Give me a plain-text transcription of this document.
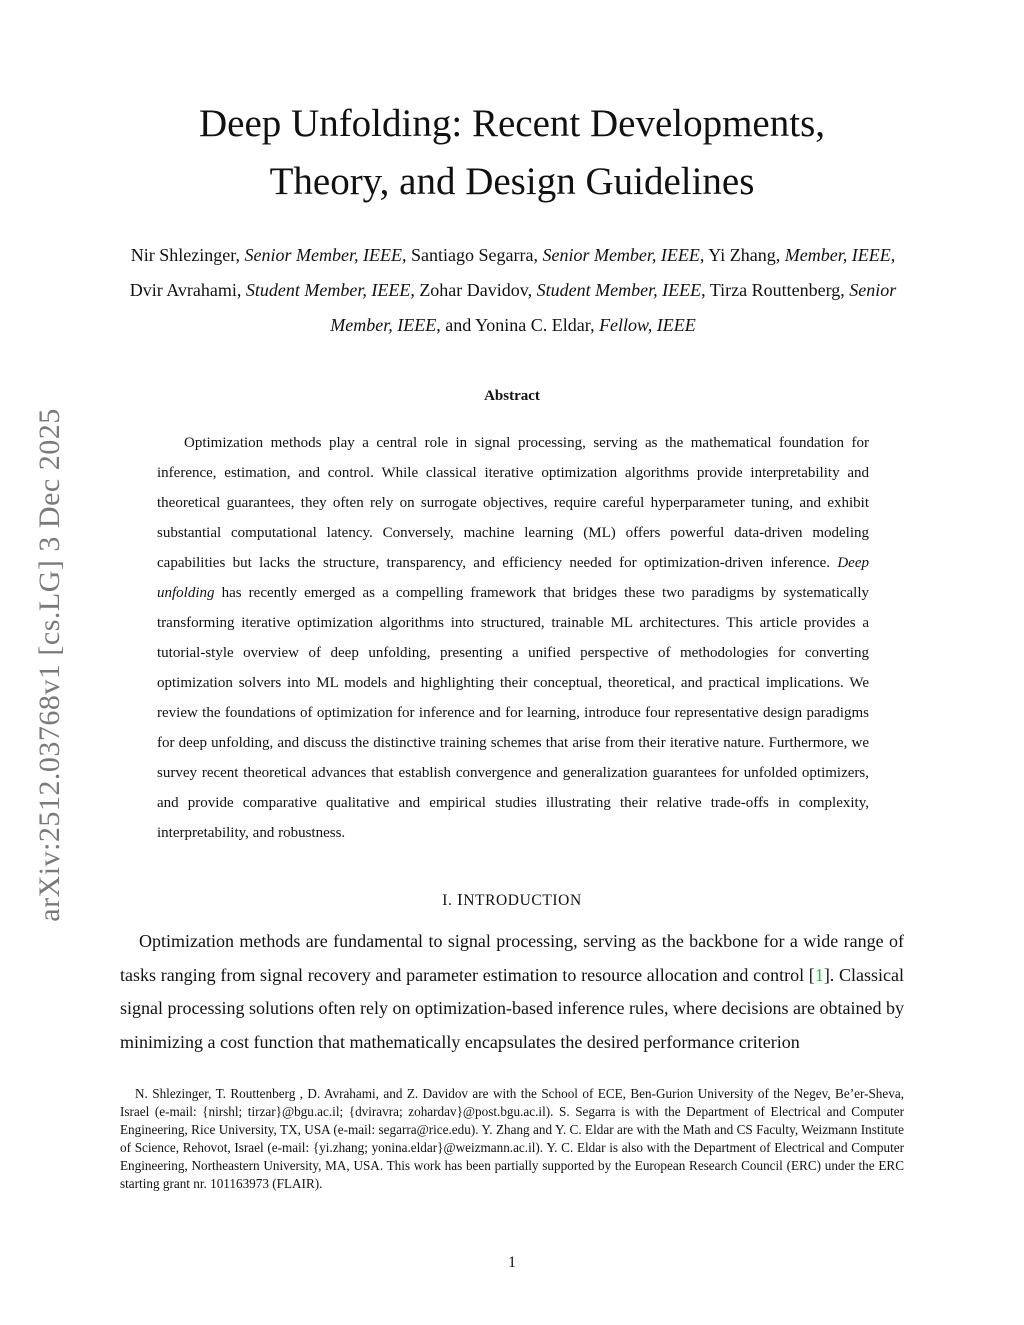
arXiv:2512.03768v1 [cs.LG] 3 Dec 2025
Deep Unfolding: Recent Developments,
Theory, and Design Guidelines
Nir Shlezinger, Senior Member, IEEE, Santiago Segarra, Senior Member, IEEE, Yi Zhang, Member, IEEE, Dvir Avrahami, Student Member, IEEE, Zohar Davidov, Student Member, IEEE, Tirza Routtenberg, Senior Member, IEEE, and Yonina C. Eldar, Fellow, IEEE
Abstract

Optimization methods play a central role in signal processing, serving as the mathematical foundation for inference, estimation, and control. While classical iterative optimization algorithms provide interpretability and theoretical guarantees, they often rely on surrogate objectives, require careful hyperparameter tuning, and exhibit substantial computational latency. Conversely, machine learning (ML) offers powerful data-driven modeling capabilities but lacks the structure, transparency, and efficiency needed for optimization-driven inference. Deep unfolding has recently emerged as a compelling framework that bridges these two paradigms by systematically transforming iterative optimization algorithms into structured, trainable ML architectures. This article provides a tutorial-style overview of deep unfolding, presenting a unified perspective of methodologies for converting optimization solvers into ML models and highlighting their conceptual, theoretical, and practical implications. We review the foundations of optimization for inference and for learning, introduce four representative design paradigms for deep unfolding, and discuss the distinctive training schemes that arise from their iterative nature. Furthermore, we survey recent theoretical advances that establish convergence and generalization guarantees for unfolded optimizers, and provide comparative qualitative and empirical studies illustrating their relative trade-offs in complexity, interpretability, and robustness.

I. INTRODUCTION

Optimization methods are fundamental to signal processing, serving as the backbone for a wide range of tasks ranging from signal recovery and parameter estimation to resource allocation and control [1]. Classical signal processing solutions often rely on optimization-based inference rules, where decisions are obtained by minimizing a cost function that mathematically encapsulates the desired performance criterion

N. Shlezinger, T. Routtenberg , D. Avrahami, and Z. Davidov are with the School of ECE, Ben-Gurion University of the Negev, Be’er-Sheva, Israel (e-mail: {nirshl; tirzar}@bgu.ac.il; {dviravra; zohardav}@post.bgu.ac.il). S. Segarra is with the Department of Electrical and Computer Engineering, Rice University, TX, USA (e-mail: segarra@rice.edu). Y. Zhang and Y. C. Eldar are with the Math and CS Faculty, Weizmann Institute of Science, Rehovot, Israel (e-mail: {yi.zhang; yonina.eldar}@weizmann.ac.il). Y. C. Eldar is also with the Department of Electrical and Computer Engineering, Northeastern University, MA, USA. This work has been partially supported by the European Research Council (ERC) under the ERC starting grant nr. 101163973 (FLAIR).

1
